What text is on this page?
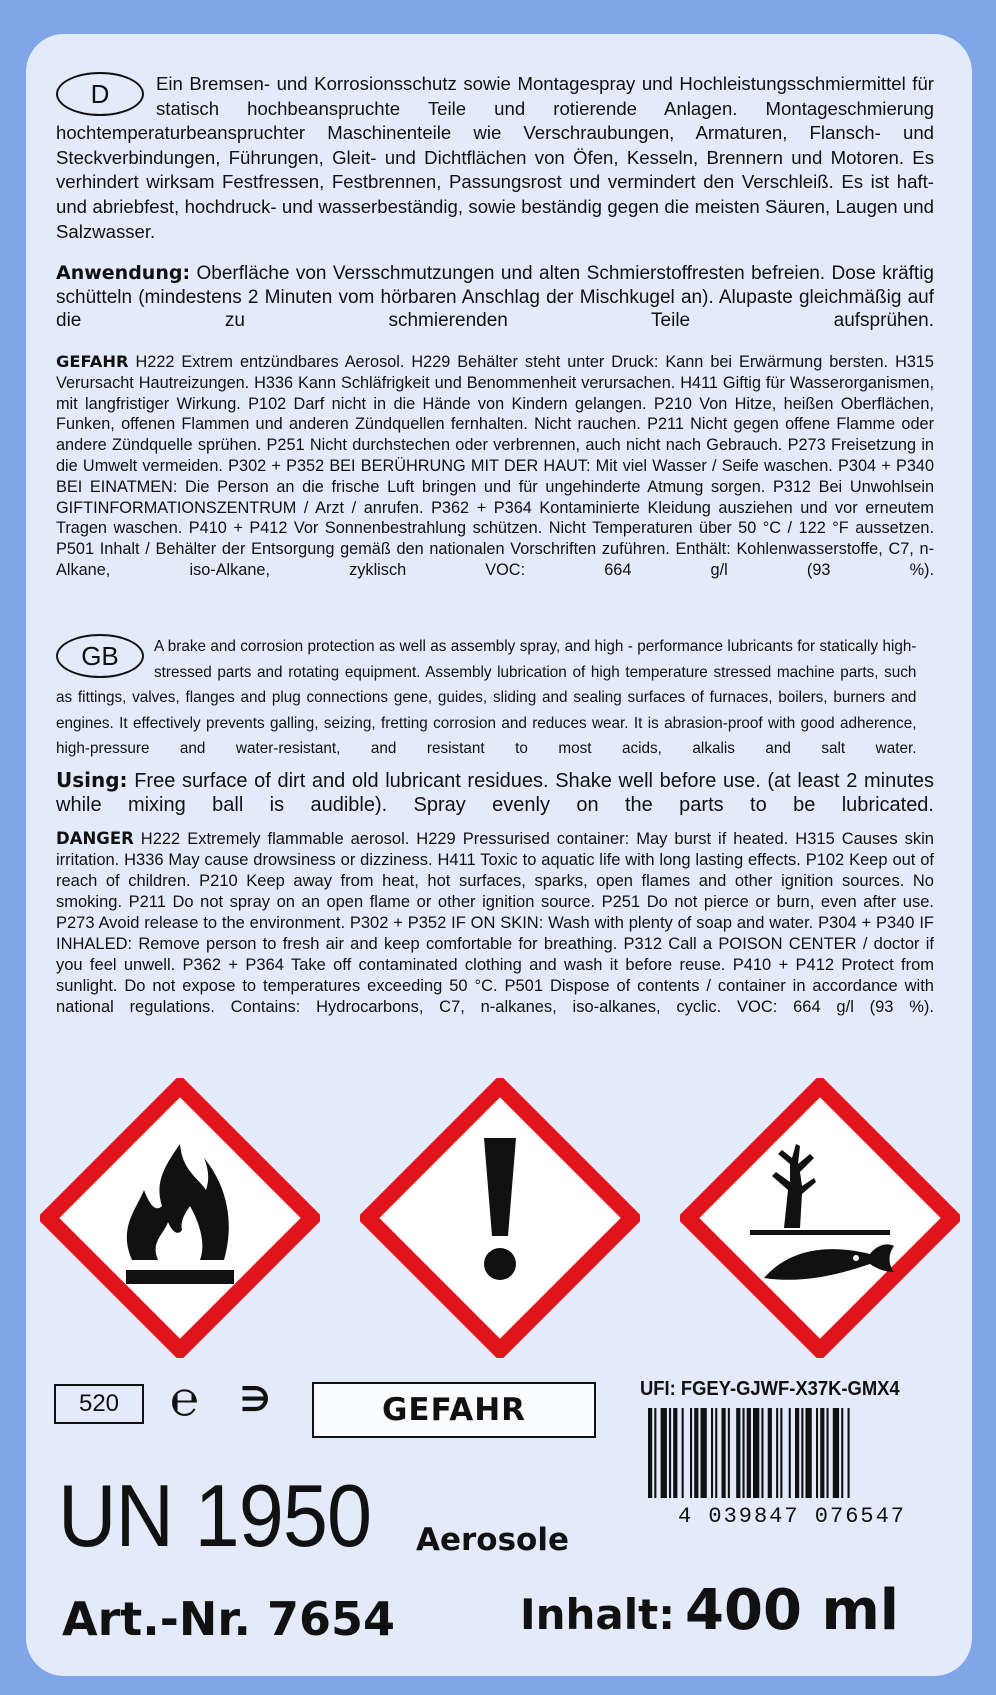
D	Ein Bremsen- und Korrosionsschutz sowie Montagespray und Hochleistungsschmiermittel für statisch hochbeanspruchte Teile und rotierende Anlagen. Montageschmierung hochtemperaturbeanspruchter Maschinenteile wie Verschraubungen, Armaturen, Flansch- und Steckverbindungen, Führungen, Gleit- und Dichtflächen von Öfen, Kesseln, Brennern und Motoren. Es verhindert wirksam Festfressen, Festbrennen, Passungsrost und vermindert den Verschleiß. Es ist haft- und abriebfest, hochdruck- und wasserbeständig, sowie beständig gegen die meisten Säuren, Laugen und Salzwasser.

Anwendung: Oberfläche von Versschmutzungen und alten Schmierstoffresten befreien. Dose kräftig schütteln (mindestens 2 Minuten vom hörbaren Anschlag der Mischkugel an). Alupaste gleichmäßig auf die zu schmierenden Teile aufsprühen.

GEFAHR H222 Extrem entzündbares Aerosol. H229 Behälter steht unter Druck: Kann bei Erwärmung bersten. H315 Verursacht Hautreizungen. H336 Kann Schläfrigkeit und Benommenheit verursachen. H411 Giftig für Wasserorganismen, mit langfristiger Wirkung. P102 Darf nicht in die Hände von Kindern gelangen. P210 Von Hitze, heißen Oberflächen, Funken, offenen Flammen und anderen Zündquellen fernhalten. Nicht rauchen. P211 Nicht gegen offene Flamme oder andere Zündquelle sprühen. P251 Nicht durchstechen oder verbrennen, auch nicht nach Gebrauch. P273 Freisetzung in die Umwelt vermeiden. P302 + P352 BEI BERÜHRUNG MIT DER HAUT: Mit viel Wasser / Seife waschen. P304 + P340 BEI EINATMEN: Die Person an die frische Luft bringen und für ungehinderte Atmung sorgen. P312 Bei Unwohlsein GIFTINFORMATIONSZENTRUM / Arzt / anrufen. P362 + P364 Kontaminierte Kleidung ausziehen und vor erneutem Tragen waschen. P410 + P412 Vor Sonnenbestrahlung schützen. Nicht Temperaturen über 50 °C / 122 °F aussetzen. P501 Inhalt / Behälter der Entsorgung gemäß den nationalen Vorschriften zuführen. Enthält: Kohlenwasserstoffe, C7, n-Alkane, iso-Alkane, zyklisch VOC: 664 g/l (93 %).

GB	A brake and corrosion protection as well as assembly spray, and high - performance lubricants for statically high-stressed parts and rotating equipment. Assembly lubrication of high temperature stressed machine parts, such as fittings, valves, flanges and plug connections gene, guides, sliding and sealing surfaces of furnaces, boilers, burners and engines. It effectively prevents galling, seizing, fretting corrosion and reduces wear. It is abrasion-proof with good adherence, high-pressure and water-resistant, and resistant to most acids, alkalis and salt water.

Using: Free surface of dirt and old lubricant residues. Shake well before use. (at least 2 minutes while mixing ball is audible). Spray evenly on the parts to be lubricated.

DANGER H222 Extremely flammable aerosol. H229 Pressurised container: May burst if heated. H315 Causes skin irritation. H336 May cause drowsiness or dizziness. H411 Toxic to aquatic life with long lasting effects. P102 Keep out of reach of children. P210 Keep away from heat, hot surfaces, sparks, open flames and other ignition sources. No smoking. P211 Do not spray on an open flame or other ignition source. P251 Do not pierce or burn, even after use. P273 Avoid release to the environment. P302 + P352 IF ON SKIN: Wash with plenty of soap and water. P304 + P340 IF INHALED: Remove person to fresh air and keep comfortable for breathing. P312 Call a POISON CENTER / doctor if you feel unwell. P362 + P364 Take off contaminated clothing and wash it before reuse. P410 + P412 Protect from sunlight. Do not expose to temperatures exceeding 50 °C. P501 Dispose of contents / container in accordance with national regulations. Contains: Hydrocarbons, C7, n-alkanes, iso-alkanes, cyclic. VOC: 664 g/l (93 %).

520	℮ ∋	GEFAHR
UFI: FGEY-GJWF-X37K-GMX4
4 039847 076547
UN 1950 Aerosole
Art.-Nr. 7654	Inhalt: 400 ml
